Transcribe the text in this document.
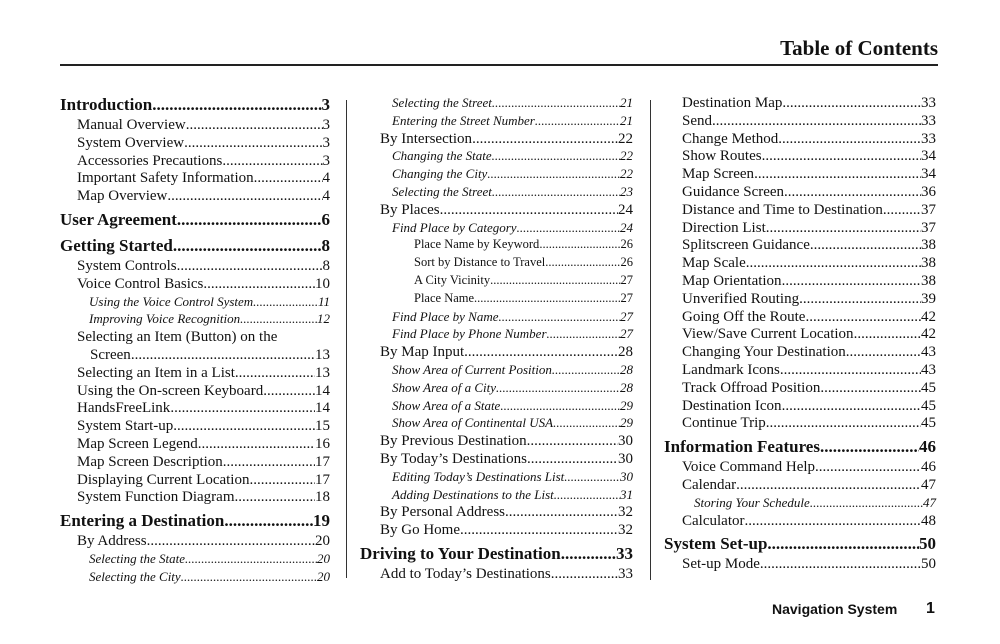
Table of Contents
Introduction .....	3
Manual Overview .....	3
System Overview .....	3
Accessories Precautions .....	3
Important Safety Information .....	4
Map Overview .....	4
User Agreement .....	6
Getting Started .....	8
System Controls .....	8
Voice Control Basics .....	10
Using the Voice Control System .....	11
Improving Voice Recognition .....	12
Selecting an Item (Button) on the
Screen .....	13
Selecting an Item in a List .....	13
Using the On-screen Keyboard .....	14
HandsFreeLink .....	14
System Start-up .....	15
Map Screen Legend .....	16
Map Screen Description .....	17
Displaying Current Location .....	17
System Function Diagram .....	18
Entering a Destination .....	19
By Address .....	20
Selecting the State .....	20
Selecting the City .....	20
Selecting the Street .....	21
Entering the Street Number .....	21
By Intersection .....	22
Changing the State .....	22
Changing the City .....	22
Selecting the Street .....	23
By Places .....	24
Find Place by Category .....	24
Place Name by Keyword .....	26
Sort by Distance to Travel .....	26
A City Vicinity .....	27
Place Name .....	27
Find Place by Name .....	27
Find Place by Phone Number .....	27
By Map Input .....	28
Show Area of Current Position .....	28
Show Area of a City .....	28
Show Area of a State .....	29
Show Area of Continental USA .....	29
By Previous Destination .....	30
By Today’s Destinations .....	30
Editing Today’s Destinations List .....	30
Adding Destinations to the List .....	31
By Personal Address .....	32
By Go Home .....	32
Driving to Your Destination .....	33
Add to Today’s Destinations .....	33
Destination Map .....	33
Send .....	33
Change Method .....	33
Show Routes .....	34
Map Screen .....	34
Guidance Screen .....	36
Distance and Time to Destination .....	37
Direction List .....	37
Splitscreen Guidance .....	38
Map Scale .....	38
Map Orientation .....	38
Unverified Routing .....	39
Going Off the Route .....	42
View/Save Current Location .....	42
Changing Your Destination .....	43
Landmark Icons .....	43
Track Offroad Position .....	45
Destination Icon .....	45
Continue Trip .....	45
Information Features .....	46
Voice Command Help .....	46
Calendar .....	47
Storing Your Schedule .....	47
Calculator .....	48
System Set-up .....	50
Set-up Mode .....	50
Navigation System 1
